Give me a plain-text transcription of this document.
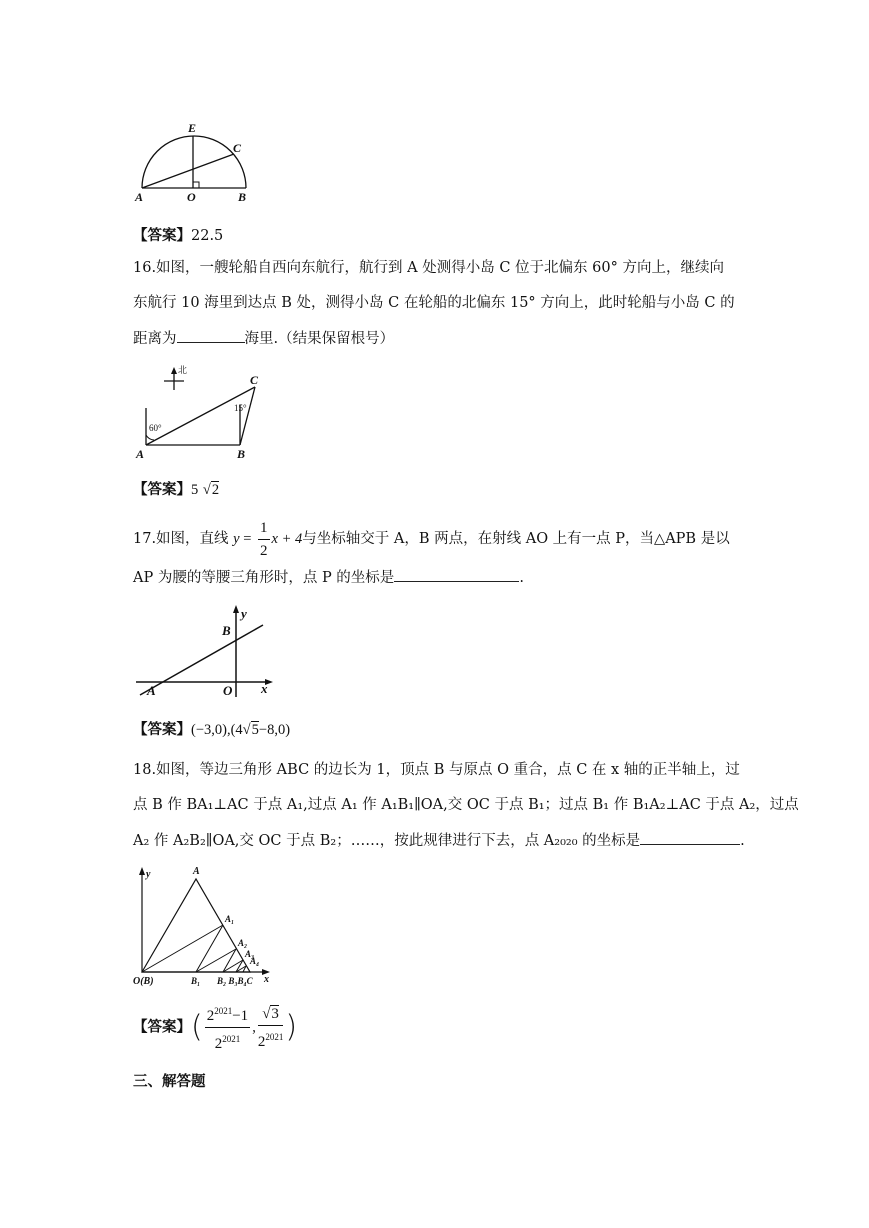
E
C
A	O	B
【答案】22.5
16.如图，一艘轮船自西向东航行，航行到 A 处测得小岛 C 位于北偏东 60° 方向上，继续向
东航行 10 海里到达点 B 处，测得小岛 C 在轮船的北偏东 15° 方向上，此时轮船与小岛 C 的
距离为	海里.（结果保留根号）
北
60°
15°
A	B
C
【答案】5 √2
17.如图，直线 $y = \frac{1}{2}$ x + 4与坐标轴交于 A，B 两点，在射线 AO 上有一点 P，当△APB 是以
AP 为腰的等腰三角形时，点 P 的坐标是	.
y
B
A	O x
【答案】(−3,0),(4√5−8,0)
18.如图，等边三角形 ABC 的边长为 1，顶点 B 与原点 O 重合，点 C 在 x 轴的正半轴上，过
点 B 作 BA₁⊥AC 于点 A₁,过点 A₁ 作 A₁B₁∥OA,交 OC 于点 B₁；过点 B₁ 作 B₁A₂⊥AC 于点 A₂，过点
A₂ 作 A₂B₂∥OA,交 OC 于点 B₂；……，按此规律进行下去，点 A₂₀₂₀ 的坐标是	.
y	A
A₁
A₂
A₃
A₄
O(B)	B₁ B₂ B₃B₄C x
【答案】( $\frac{2^{2021}-1}{2^{2021}}$ , $\frac{√3}{2^{2021}}$ )
三、解答题
